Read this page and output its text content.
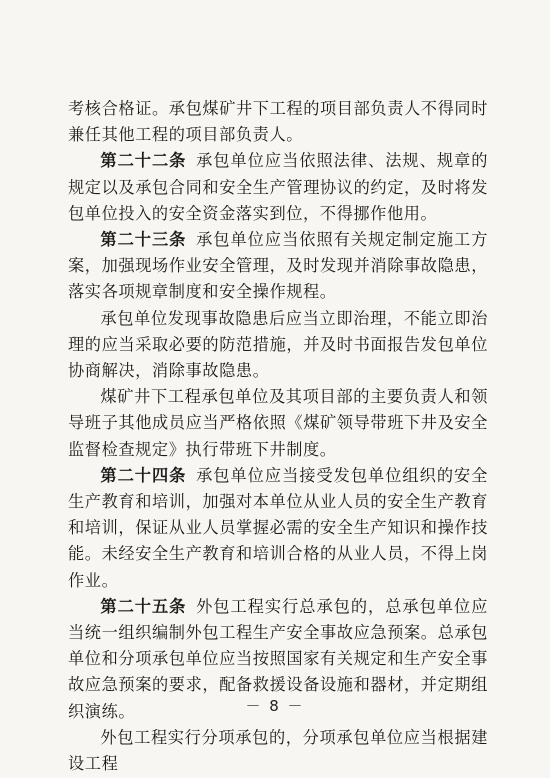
考核合格证。承包煤矿井下工程的项目部负责人不得同时兼任其他工程的项目部负责人。

第二十二条 承包单位应当依照法律、法规、规章的规定以及承包合同和安全生产管理协议的约定，及时将发包单位投入的安全资金落实到位，不得挪作他用。

第二十三条 承包单位应当依照有关规定制定施工方案，加强现场作业安全管理，及时发现并消除事故隐患，落实各项规章制度和安全操作规程。

承包单位发现事故隐患后应当立即治理，不能立即治理的应当采取必要的防范措施，并及时书面报告发包单位协商解决，消除事故隐患。

煤矿井下工程承包单位及其项目部的主要负责人和领导班子其他成员应当严格依照《煤矿领导带班下井及安全监督检查规定》执行带班下井制度。

第二十四条 承包单位应当接受发包单位组织的安全生产教育和培训，加强对本单位从业人员的安全生产教育和培训，保证从业人员掌握必需的安全生产知识和操作技能。未经安全生产教育和培训合格的从业人员，不得上岗作业。

第二十五条 外包工程实行总承包的，总承包单位应当统一组织编制外包工程生产安全事故应急预案。总承包单位和分项承包单位应当按照国家有关规定和生产安全事故应急预案的要求，配备救援设备设施和器材，并定期组织演练。

外包工程实行分项承包的，分项承包单位应当根据建设工程

－ 8 －
